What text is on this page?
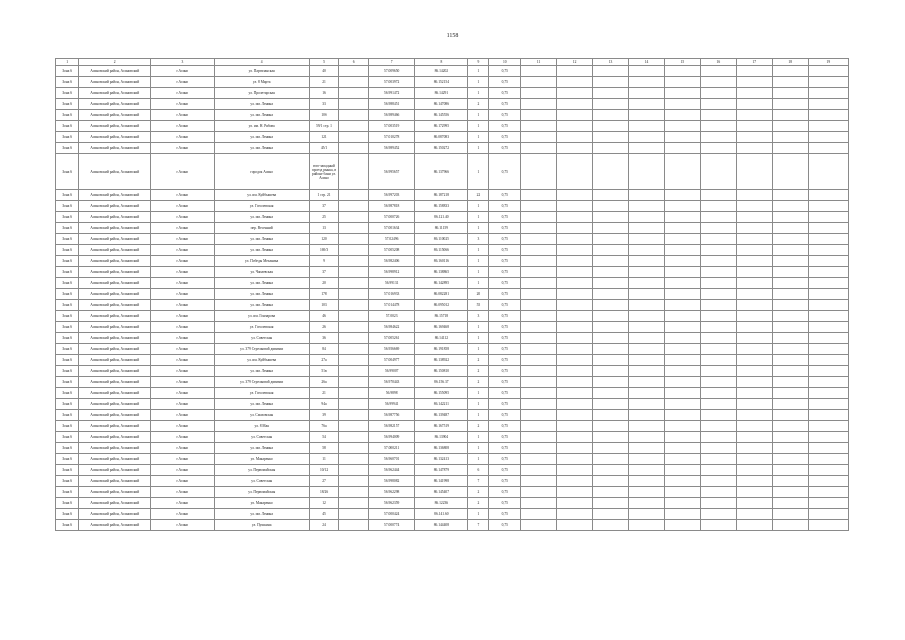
1158
1	2	3	4	5	6	7	8	9	10	11	12	13	14	15	16	17	18	19
Зона 6	Асиновский район, Асиновский	г.Асино	ул. Партизанская	40		57.009650	86.14202	1	0,75									
Зона 6	Асиновский район, Асиновский	г.Асино	ул. 8 Марта	21		57.003972	86.152154	1	0,75									
Зона 6	Асиновский район, Асиновский	г.Асино	ул. Пролетарская	16		56.991472	86.14291	1	0,75									
Зона 6	Асиновский район, Асиновский	г.Асино	ул. им. Ленина	33		56.988451	86.147086	2	0,75									
Зона 6	Асиновский район, Асиновский	г.Асино	ул. им. Ленина	10б		56.989466	86.145556	1	0,75									
Зона 6	Асиновский район, Асиновский	г.Асино	ул. им. Н. Рябова	59/1 стр. 1		57.003519	86.172995	1	0,75									
Зона 6	Асиновский район, Асиновский	г.Асино	ул. им. Ленина	121		57.010278	86.087083	1	0,75									
Зона 6	Асиновский район, Асиновский	г.Асино	ул. им. Ленина	45/1		56.989452	86.150272	1	0,75									
Зона 6	Асиновский район, Асиновский	г.Асино	городок Асино	юго-западный проезд рынка, в районе бани ул. Асино		56.995657	86.137966	1	0,75									
Зона 6	Асиновский район, Асиновский	г.Асино	ул. им. Куйбышева	1 стр. 21		56.997203	86.187218	22	0,75									
Зона 6	Асиновский район, Асиновский	г.Асино	ул. Гоголевская	37		56.987818	86.158833	1	0,75									
Зона 6	Асиновский район, Асиновский	г.Асино	ул. им. Ленина	25		57.000726	86.121.40	1	0,75									
Зона 6	Асиновский район, Асиновский	г.Асино	пер. Весенний	13		57.001634	86.11159	1	0,75									
Зона 6	Асиновский район, Асиновский	г.Асино	ул. им. Ленина	120		57.02496	86.110025	3	0,75									
Зона 6	Асиновский район, Асиновский	г.Асино	ул. им. Ленина	169/3		57.005208	86.115066	1	0,75									
Зона 6	Асиновский район, Асиновский	г.Асино	ул. Победы Механика	9		56.982406	86.160116	1	0,75									
Зона 6	Асиновский район, Асиновский	г.Асино	ул. Чапаевская	37		56.998912	86.138865	1	0,75									
Зона 6	Асиновский район, Асиновский	г.Асино	ул. им. Ленина	20		56.99131	86.142895	1	0,75									
Зона 6	Асиновский район, Асиновский	г.Асино	ул. им. Ленина	178		57.016933	86.082281	20	0,75									
Зона 6	Асиновский район, Асиновский	г.Асино	ул. им. Ленина	103		57.014478	86.095012	55	0,75									
Зона 6	Асиновский район, Асиновский	г.Асино	ул. им. Гончарова	46		57.0023	86.15718	3	0,75									
Зона 6	Асиновский район, Асиновский	г.Асино	ул. Гоголевская	26		56.984622	86.169468	1	0,75									
Зона 6	Асиновский район, Асиновский	г.Асино	ул. Советская	36		57.005261	86.14112	1	0,75									
Зона 6	Асиновский район, Асиновский	г.Асино	ул. 379 Стрелковой дивизии	84		56.956669	86.191858	1	0,75									
Зона 6	Асиновский район, Асиновский	г.Асино	ул. им. Куйбышева	27а		57.004977	86.138922	2	0,75									
Зона 6	Асиновский район, Асиновский	г.Асино	ул. им. Ленина	51в		56.99007	86.150810	2	0,75									
Зона 6	Асиновский район, Асиновский	г.Асино	ул. 379 Стрелковой дивизии	26а		56.970443	86.156.37	2	0,75									
Зона 6	Асиновский район, Асиновский	г.Асино	ул. Гоголевская	21		56.9898	86.155095	1	0,75									
Зона 6	Асиновский район, Асиновский	г.Асино	ул. им. Ленина	94а		56.99941	86.142211	1	0,75									
Зона 6	Асиновский район, Асиновский	г.Асино	ул. Смазовская	39		56.987756	86.139487	1	0,75									
Зона 6	Асиновский район, Асиновский	г.Асино	ул. 8 Мая	76а		56.982157	86.167519	2	0,75									
Зона 6	Асиновский район, Асиновский	г.Асино	ул. Советская	54		56.994009	86.13904	1	0,75									
Зона 6	Асиновский район, Асиновский	г.Асино	ул. им. Ленина	58		57.000211	86.136808	1	0,75									
Зона 6	Асиновский район, Асиновский	г.Асино	ул. Макаренко	11		56.960701	86.132413	1	0,75									
Зона 6	Асиновский район, Асиновский	г.Асино	ул. Первомайская	10/12		56.962444	86.147879	6	0,75									
Зона 6	Асиновский район, Асиновский	г.Асино	ул. Советская	27		56.998082	86.141998	7	0,75									
Зона 6	Асиновский район, Асиновский	г.Асино	ул. Первомайская	18/26		56.962298	86.145407	2	0,75									
Зона 6	Асиновский район, Асиновский	г.Асино	ул. Макаренко	12		56.962359	86.12236	2	0,75									
Зона 6	Асиновский район, Асиновский	г.Асино	ул. им. Ленина	45		57.000424	86.141.60	1	0,75									
Зона 6	Асиновский район, Асиновский	г.Асино	ул. Пушкина	24		57.000774	86.144408	7	0,75									
